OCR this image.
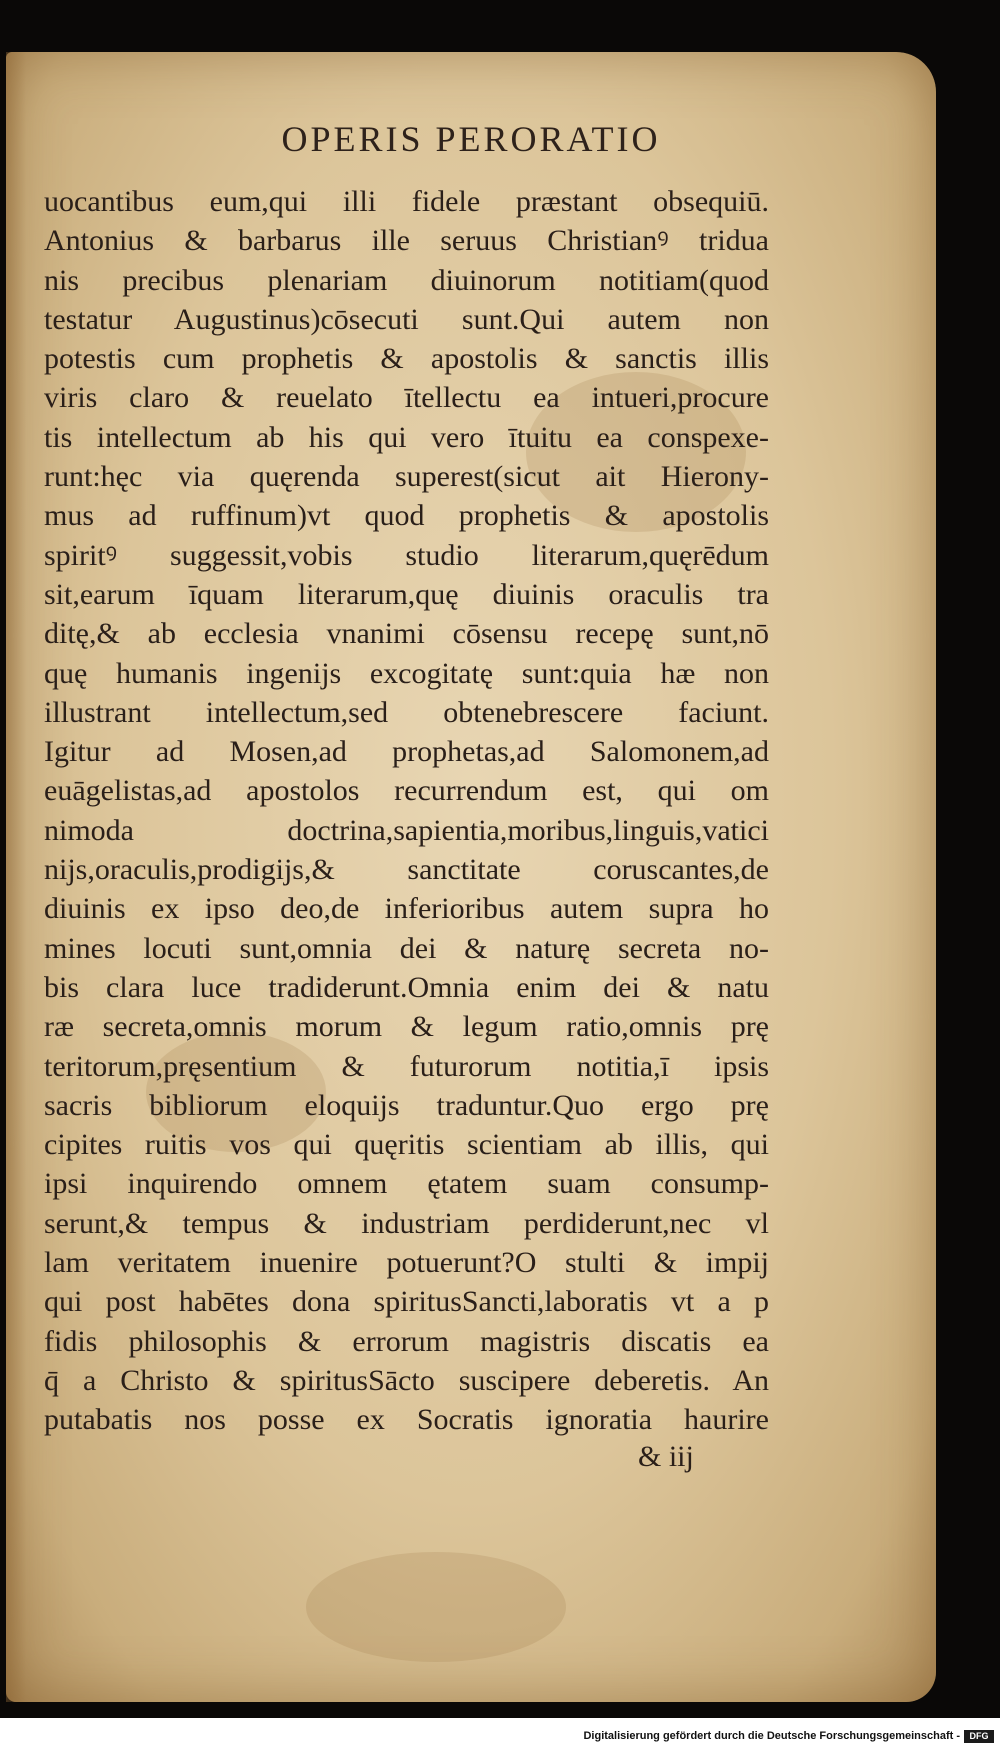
OPERIS PERORATIO
uocantibus eum,qui illi fidele præstant obsequiū.
Antonius & barbarus ille seruus Christianꝰ tridua
nis precibus plenariam diuinorum notitiam(quod
testatur Augustinus)cōsecuti sunt.Qui autem non
potestis cum prophetis & apostolis & sanctis illis
viris claro & reuelato ītellectu ea intueri,procure
tis intellectum ab his qui vero ītuitu ea conspexe-
runt:hęc via quęrenda superest(sicut ait Hierony-
mus ad ruffinum)vt quod prophetis & apostolis
spiritꝰ suggessit,vobis studio literarum,quęrēdum
sit,earum īquam literarum,quę diuinis oraculis tra
ditę,& ab ecclesia vnanimi cōsensu recepę sunt,nō
quę humanis ingenijs excogitatę sunt:quia hæ non
illustrant intellectum,sed obtenebrescere faciunt.
Igitur ad Mosen,ad prophetas,ad Salomonem,ad
euāgelistas,ad apostolos recurrendum est, qui om
nimoda doctrina,sapientia,moribus,linguis,vatici
nijs,oraculis,prodigijs,& sanctitate coruscantes,de
diuinis ex ipso deo,de inferioribus autem supra ho
mines locuti sunt,omnia dei & naturę secreta no-
bis clara luce tradiderunt.Omnia enim dei & natu
ræ secreta,omnis morum & legum ratio,omnis prę
teritorum,pręsentium & futurorum notitia,ī ipsis
sacris bibliorum eloquijs traduntur.Quo ergo prę
cipites ruitis vos qui quęritis scientiam ab illis, qui
ipsi inquirendo omnem ętatem suam consump-
serunt,& tempus & industriam perdiderunt,nec vl
lam veritatem inuenire potuerunt?O stulti & impij
qui post habētes dona spiritusSancti,laboratis vt a p
fidis philosophis & errorum magistris discatis ea
q̄ a Christo & spiritusSācto suscipere deberetis. An
putabatis nos posse ex Socratis ignoratia haurire
& iij
Digitalisierung gefördert durch die Deutsche Forschungsgemeinschaft -	DFG
